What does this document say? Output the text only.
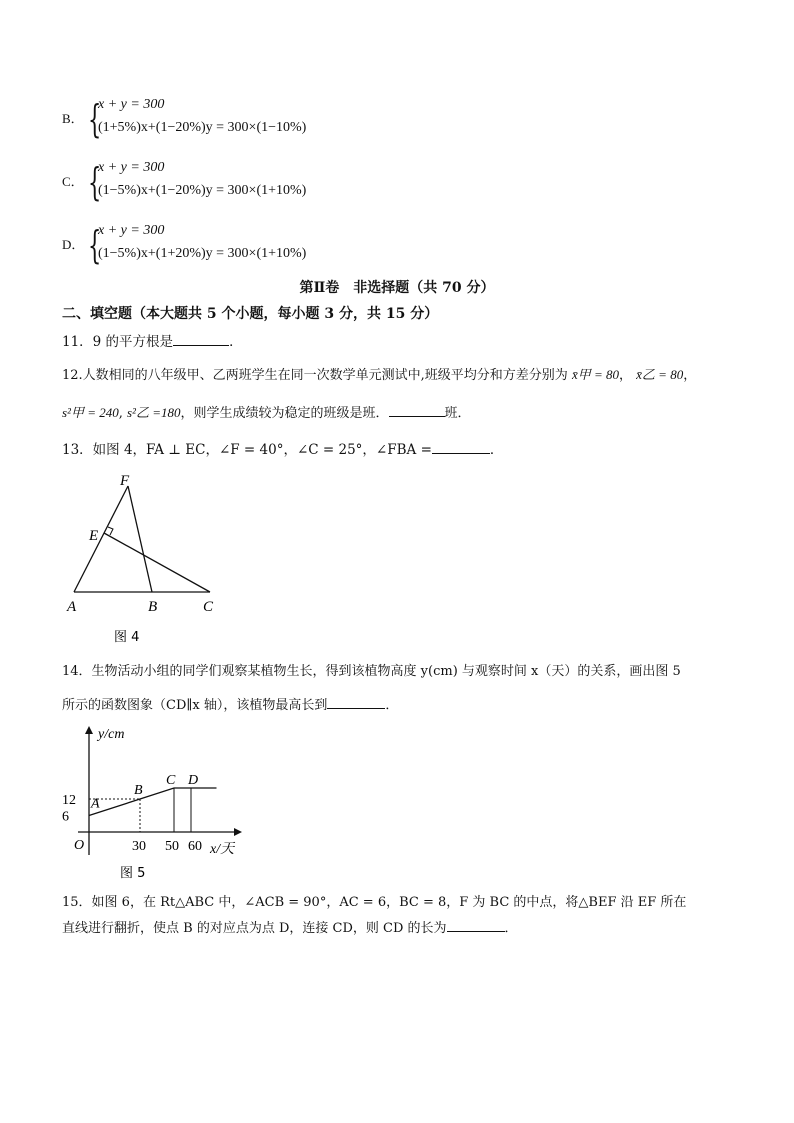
B． {
x + y = 300
(1+5%)x+(1−20%)y = 300×(1−10%)
C． {
x + y = 300
(1−5%)x+(1−20%)y = 300×(1+10%)
D． {
x + y = 300
(1−5%)x+(1+20%)y = 300×(1+10%)
第Ⅱ卷　非选择题（共 70 分）
二、填空题（本大题共 5 个小题，每小题 3 分，共 15 分）
11．9 的平方根是	．
12.人数相同的八年级甲、乙两班学生在同一次数学单元测试中,班级平均分和方差分别为 x̄甲 = 80， x̄乙 = 80，
s²甲 = 240, s²乙 =180，则学生成绩较为稳定的班级是班．	班．
13．如图 4，FA ⊥ EC，∠F = 40°，∠C = 25°，∠FBA =	．
F
E
A	B	C
图 4
14．生物活动小组的同学们观察某植物生长，得到该植物高度 y(cm) 与观察时间 x（天）的关系，画出图 5
所示的函数图象（CD∥x 轴），该植物最高长到	．
y/cm
x/天
O
12
6
30 50 60
A
B
C D
图 5
15．如图 6，在 Rt△ABC 中，∠ACB = 90°，AC = 6，BC = 8，F 为 BC 的中点，将△BEF 沿 EF 所在
直线进行翻折，使点 B 的对应点为点 D，连接 CD，则 CD 的长为	．
